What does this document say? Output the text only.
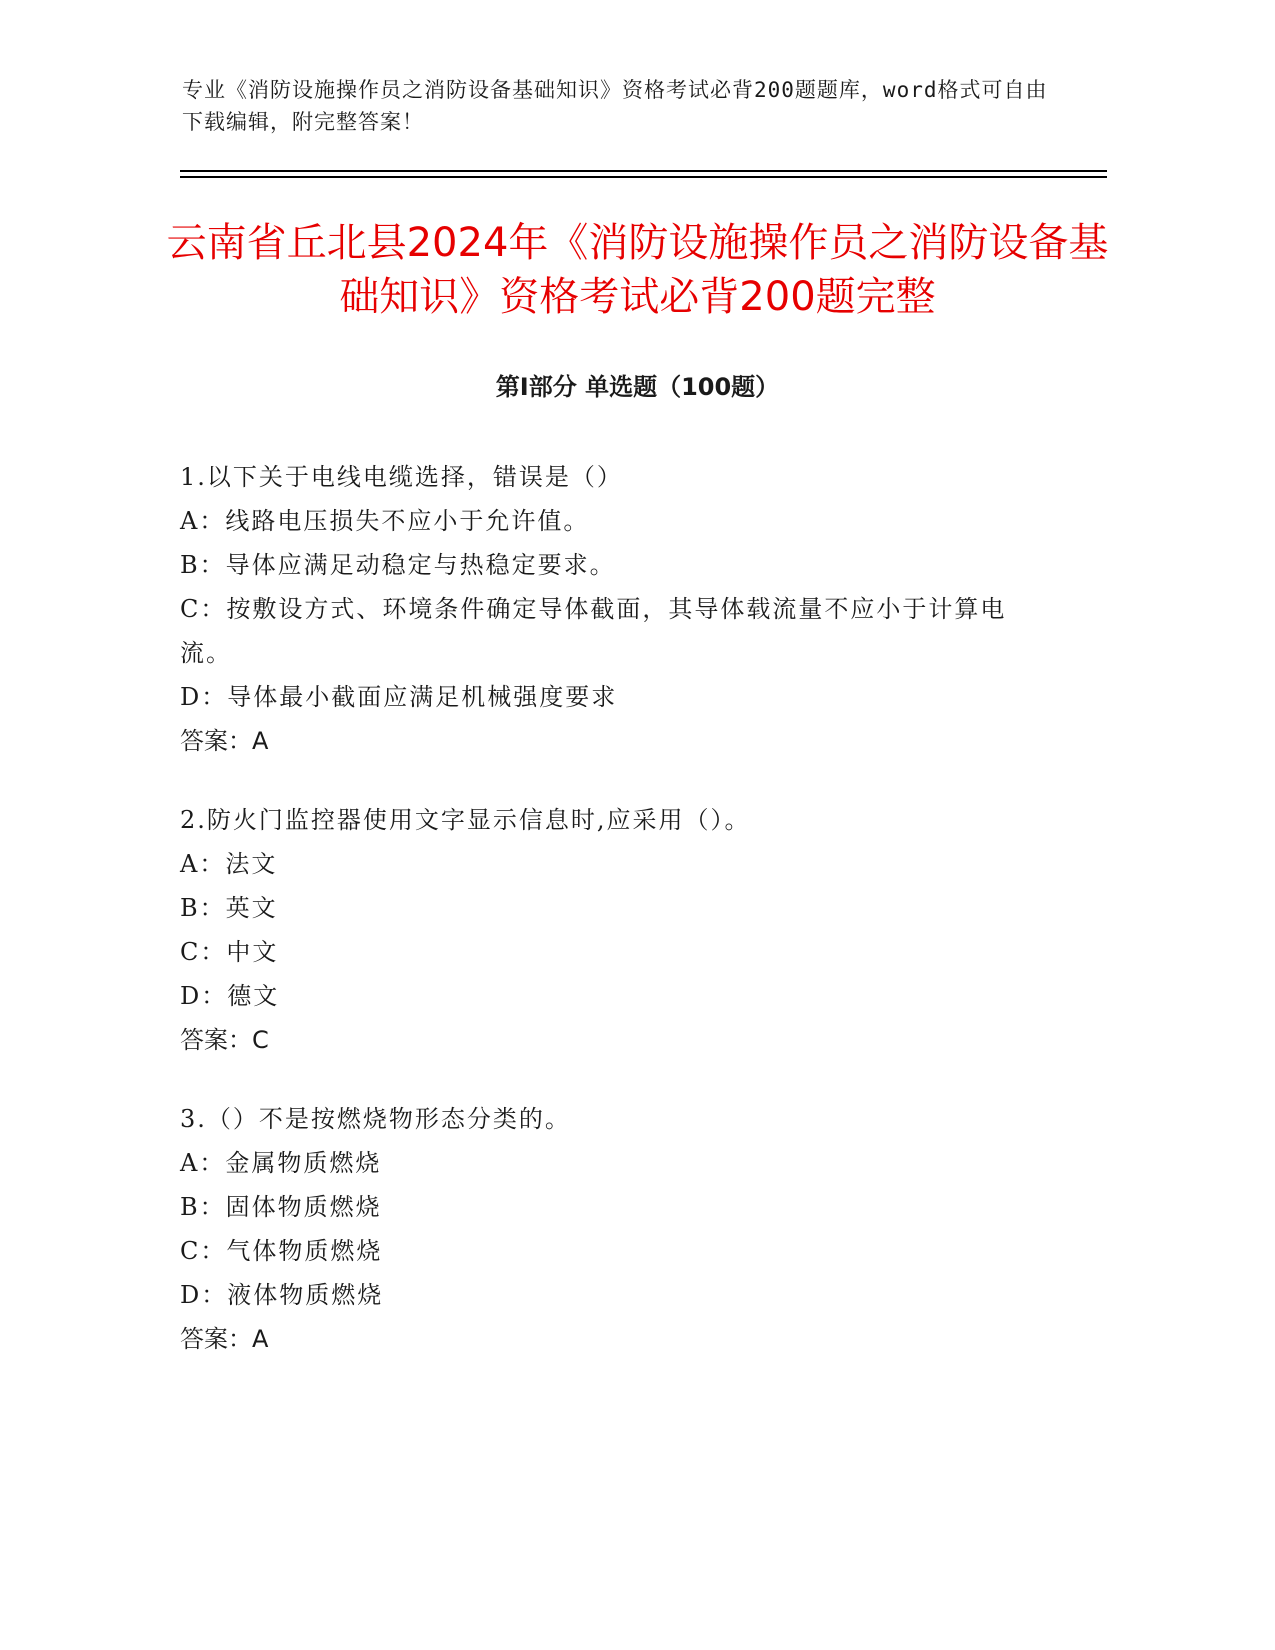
专业《消防设施操作员之消防设备基础知识》资格考试必背200题题库，word格式可自由下载编辑，附完整答案！
云南省丘北县2024年《消防设施操作员之消防设备基础知识》资格考试必背200题完整
第I部分 单选题（100题）

1.以下关于电线电缆选择，错误是（）

A：线路电压损失不应小于允许值。

B：导体应满足动稳定与热稳定要求。

C：按敷设方式、环境条件确定导体截面，其导体载流量不应小于计算电流。

D：导体最小截面应满足机械强度要求

答案：A

2.防火门监控器使用文字显示信息时,应采用（）。

A：法文

B：英文

C：中文

D：德文

答案：C

3.（）不是按燃烧物形态分类的。

A：金属物质燃烧

B：固体物质燃烧

C：气体物质燃烧

D：液体物质燃烧

答案：A
